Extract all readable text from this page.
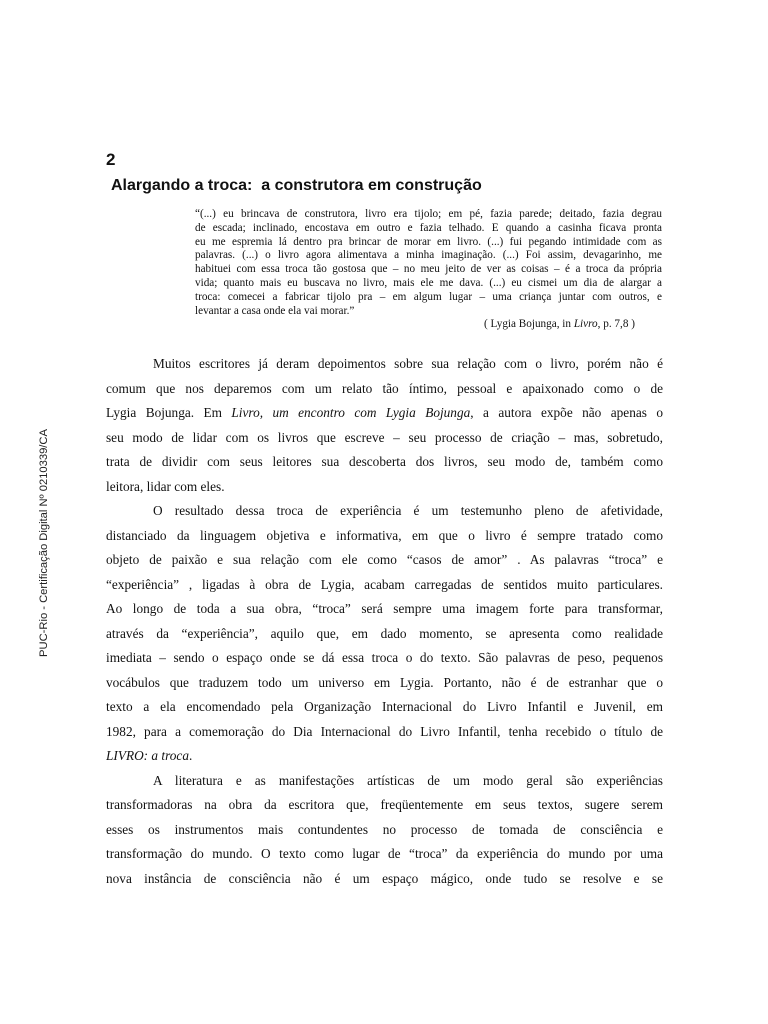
PUC-Rio - Certificação Digital Nº 0210339/CA
2
Alargando a troca:  a construtora em construção
“(...) eu brincava de construtora, livro era tijolo; em pé, fazia parede; deitado, fazia degrau
de escada; inclinado, encostava em outro e fazia telhado. E quando a casinha ficava pronta
eu me espremia lá dentro pra brincar de morar em livro. (...) fui pegando intimidade com as
palavras. (...) o livro agora alimentava a minha imaginação. (...) Foi assim, devagarinho, me
habituei com essa troca tão gostosa que – no meu jeito de ver as coisas – é a troca da própria
vida; quanto mais eu buscava no livro, mais ele me dava. (...) eu cismei um dia de alargar a
troca: comecei a fabricar tijolo pra – em algum lugar – uma criança juntar com outros, e
levantar a casa onde ela vai morar.”
( Lygia Bojunga, in Livro, p. 7,8 )
Muitos escritores já deram depoimentos sobre sua relação com o livro, porém não é
comum que nos deparemos com um relato tão íntimo, pessoal e apaixonado como o de
Lygia Bojunga. Em Livro, um encontro com Lygia Bojunga, a autora expõe não apenas o
seu modo de lidar com os livros que escreve – seu processo de criação – mas, sobretudo,
trata de dividir com seus leitores sua descoberta dos livros, seu modo de, também como
leitora, lidar com eles.
O resultado dessa troca de experiência é um testemunho pleno de afetividade,
distanciado da linguagem objetiva e informativa, em que o livro é sempre tratado como
objeto de paixão e sua relação com ele como “casos de amor” . As palavras “troca” e
“experiência” , ligadas à obra de Lygia, acabam carregadas de sentidos muito particulares.
Ao longo de toda a sua obra, “troca” será sempre uma imagem forte para transformar,
através da “experiência”, aquilo que, em dado momento, se apresenta como realidade
imediata – sendo o espaço onde se dá essa troca o do texto. São palavras de peso, pequenos
vocábulos que traduzem todo um universo em Lygia. Portanto, não é de estranhar que o
texto a ela encomendado pela Organização Internacional do Livro Infantil e Juvenil, em
1982, para a comemoração do Dia Internacional do Livro Infantil, tenha recebido o título de
LIVRO: a troca.
A literatura e as manifestações artísticas de um modo geral são experiências
transformadoras na obra da escritora que, freqüentemente em seus textos, sugere serem
esses os instrumentos mais contundentes no processo de tomada de consciência e
transformação do mundo. O texto como lugar de “troca” da experiência do mundo por uma
nova instância de consciência não é um espaço mágico, onde tudo se resolve e se
